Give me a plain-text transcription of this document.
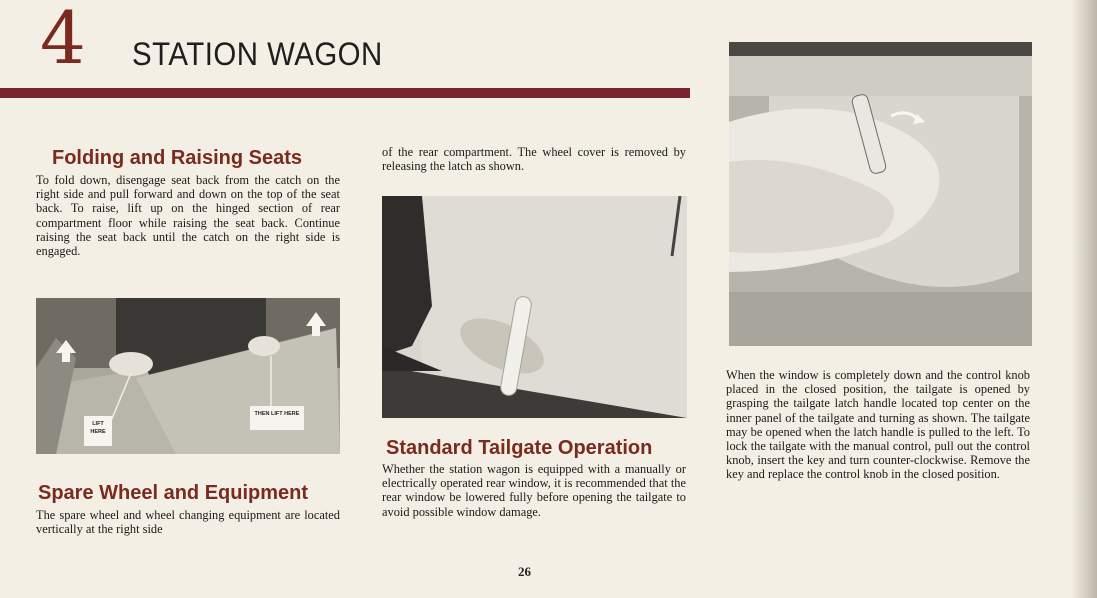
4 STATION WAGON
Folding and Raising Seats
To fold down, disengage seat back from the catch on the right side and pull forward and down on the top of the seat back. To raise, lift up on the hinged section of rear compartment floor while raising the seat back. Continue raising the seat back until the catch on the right side is engaged.
LIFT HERE
THEN LIFT HERE
Spare Wheel and Equipment
The spare wheel and wheel changing equipment are located vertically at the right side
of the rear compartment. The wheel cover is removed by releasing the latch as shown.
Standard Tailgate Operation
Whether the station wagon is equipped with a manually or electrically operated rear window, it is recommended that the rear window be lowered fully before opening the tailgate to avoid possible window damage.
When the window is completely down and the control knob placed in the closed position, the tailgate is opened by grasping the tailgate latch handle located top center on the inner panel of the tailgate and turning as shown. The tailgate may be opened when the latch handle is pulled to the left. To lock the tailgate with the manual control, pull out the control knob, insert the key and turn counter-clockwise. Remove the key and replace the control knob in the closed position.
26
